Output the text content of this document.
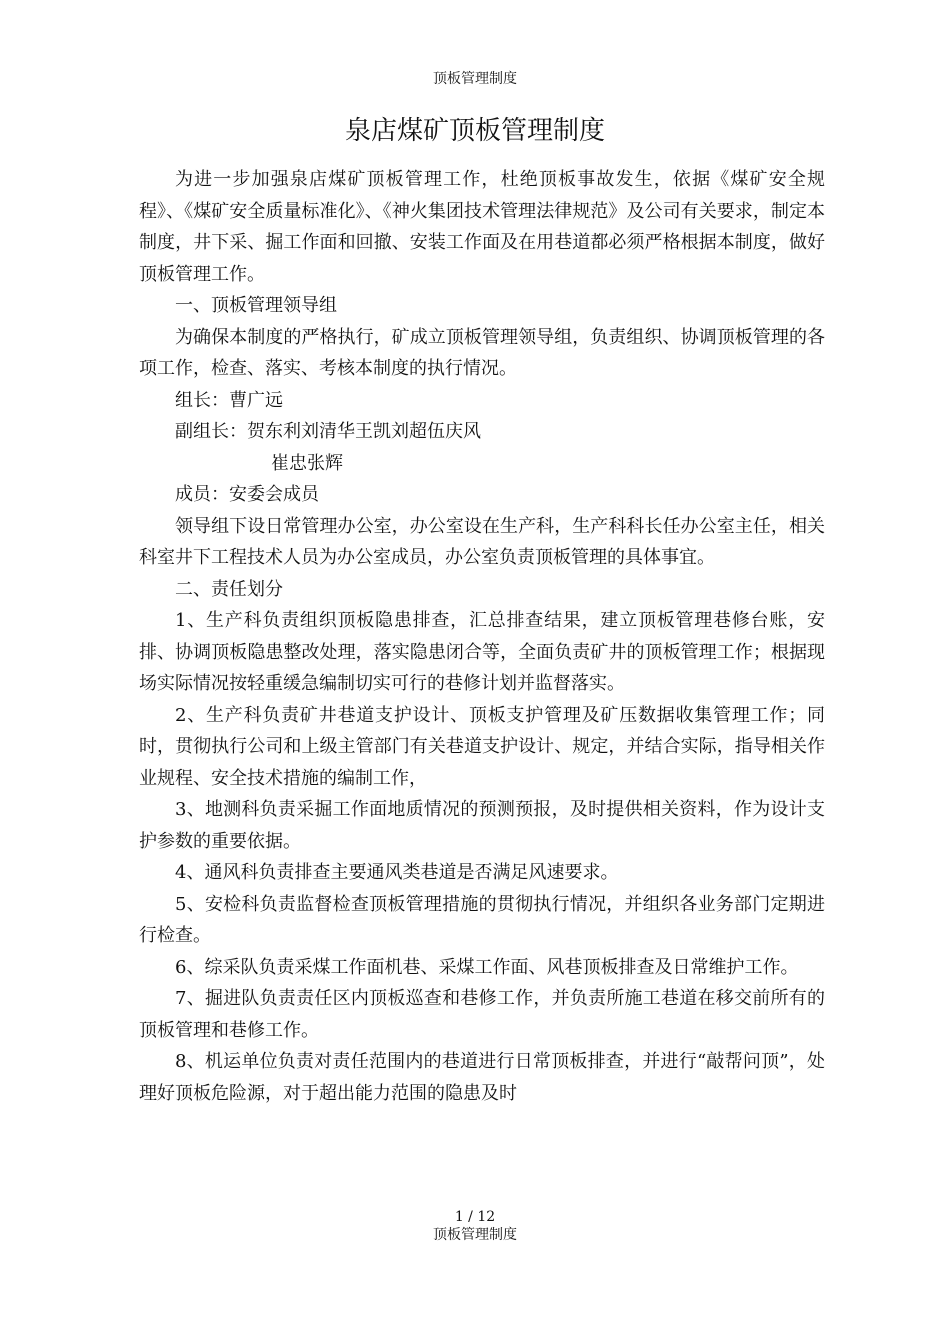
顶板管理制度
泉店煤矿顶板管理制度

为进一步加强泉店煤矿顶板管理工作，杜绝顶板事故发生，依据《煤矿安全规程》、《煤矿安全质量标准化》、《神火集团技术管理法律规范》及公司有关要求，制定本制度，井下采、掘工作面和回撤、安装工作面及在用巷道都必须严格根据本制度，做好顶板管理工作。

一、顶板管理领导组

为确保本制度的严格执行，矿成立顶板管理领导组，负责组织、协调顶板管理的各项工作，检查、落实、考核本制度的执行情况。

组长：曹广远

副组长：贺东利刘清华王凯刘超伍庆风

崔忠张辉

成员：安委会成员

领导组下设日常管理办公室，办公室设在生产科，生产科科长任办公室主任，相关科室井下工程技术人员为办公室成员，办公室负责顶板管理的具体事宜。

二、责任划分

1、生产科负责组织顶板隐患排查，汇总排查结果，建立顶板管理巷修台账，安排、协调顶板隐患整改处理，落实隐患闭合等，全面负责矿井的顶板管理工作；根据现场实际情况按轻重缓急编制切实可行的巷修计划并监督落实。

2、生产科负责矿井巷道支护设计、顶板支护管理及矿压数据收集管理工作；同时，贯彻执行公司和上级主管部门有关巷道支护设计、规定，并结合实际，指导相关作业规程、安全技术措施的编制工作，

3、地测科负责采掘工作面地质情况的预测预报，及时提供相关资料，作为设计支护参数的重要依据。

4、通风科负责排查主要通风类巷道是否满足风速要求。

5、安检科负责监督检查顶板管理措施的贯彻执行情况，并组织各业务部门定期进行检查。

6、综采队负责采煤工作面机巷、采煤工作面、风巷顶板排查及日常维护工作。

7、掘进队负责责任区内顶板巡查和巷修工作，并负责所施工巷道在移交前所有的顶板管理和巷修工作。

8、机运单位负责对责任范围内的巷道进行日常顶板排查，并进行“敲帮问顶”，处理好顶板危险源，对于超出能力范围的隐患及时

1 / 12
顶板管理制度
